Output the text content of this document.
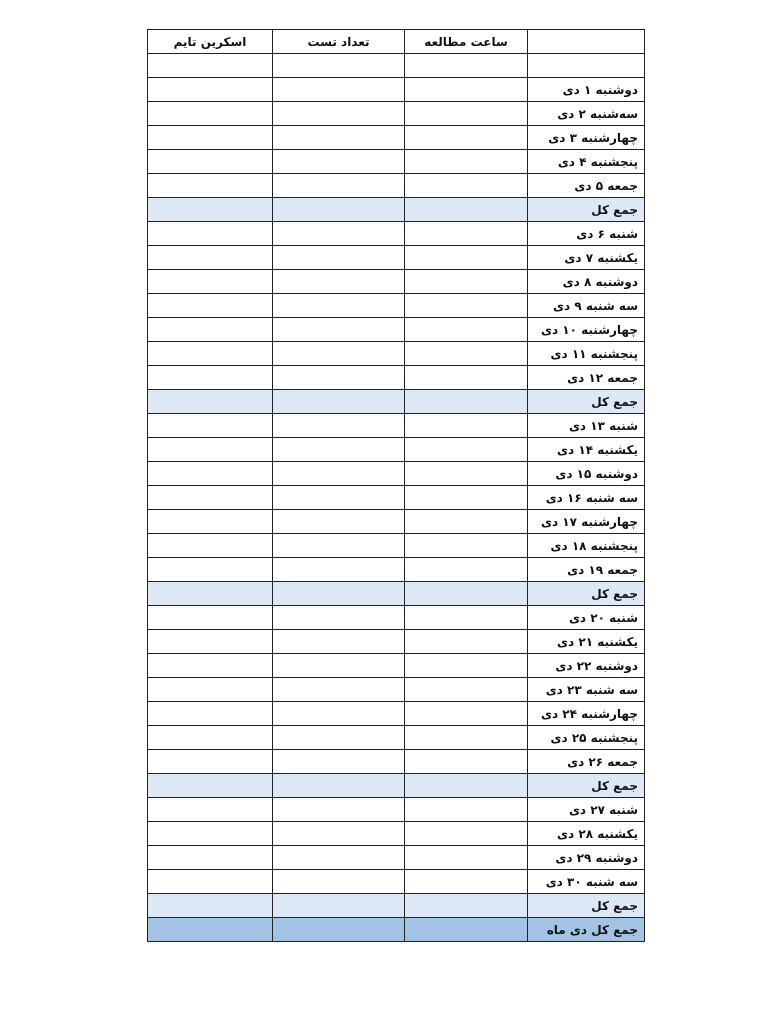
اسکرین تایم	تعداد تست	ساعت مطالعه	

			دوشنبه ۱ دی
			سه‌شنبه ۲ دی
			چهارشنبه ۳ دی
			پنجشنبه ۴ دی
			جمعه ۵ دی
			جمع کل
			شنبه ۶ دی
			یکشنبه ۷ دی
			دوشنبه ۸ دی
			سه شنبه ۹ دی
			چهارشنبه ۱۰ دی
			پنجشنبه ۱۱ دی
			جمعه ۱۲ دی
			جمع کل
			شنبه ۱۳ دی
			یکشنبه ۱۴ دی
			دوشنبه ۱۵ دی
			سه شنبه ۱۶ دی
			چهارشنبه ۱۷ دی
			پنجشنبه ۱۸ دی
			جمعه ۱۹ دی
			جمع کل
			شنبه ۲۰ دی
			یکشنبه ۲۱ دی
			دوشنبه ۲۲ دی
			سه شنبه ۲۳ دی
			چهارشنبه ۲۴ دی
			پنجشنبه ۲۵ دی
			جمعه ۲۶ دی
			جمع کل
			شنبه ۲۷ دی
			یکشنبه ۲۸ دی
			دوشنبه ۲۹ دی
			سه شنبه ۳۰ دی
			جمع کل
			جمع کل دی ماه
